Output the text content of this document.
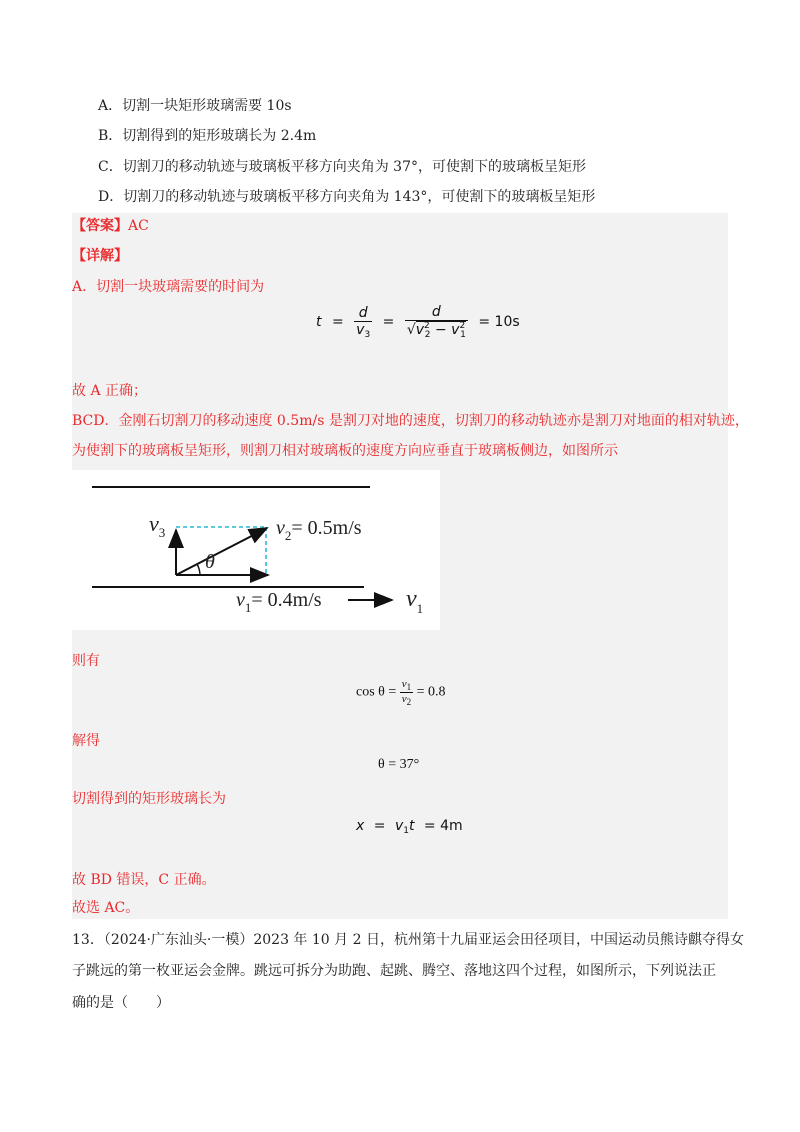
A．切割一块矩形玻璃需要 10s
B．切割得到的矩形玻璃长为 2.4m
C．切割刀的移动轨迹与玻璃板平移方向夹角为 37°，可使割下的玻璃板呈矩形
D．切割刀的移动轨迹与玻璃板平移方向夹角为 143°，可使割下的玻璃板呈矩形
【答案】AC
【详解】
A．切割一块玻璃需要的时间为
$t = \frac{d}{v_3} = \frac{d}{√v^2_2 - v^2_1} = 10s$
故 A 正确；
BCD．金刚石切割刀的移动速度 0.5m/s 是割刀对地的速度，切割刀的移动轨迹亦是割刀对地面的相对轨迹，
为使割下的玻璃板呈矩形，则割刀相对玻璃板的速度方向应垂直于玻璃板侧边，如图所示
$v_3$	$v_2= 0.5m/s$
θ
$v_1= 0.4m/s$	$v_1$
则有
$\cos \theta = \frac{v_1}{v_2} = 0.8$
解得
θ = 37°
切割得到的矩形玻璃长为
$x = v_1t = 4m$
故 BD 错误，C 正确。
故选 AC。
13．（2024·广东汕头·一模）2023 年 10 月 2 日，杭州第十九届亚运会田径项目，中国运动员熊诗麒夺得女
子跳远的第一枚亚运会金牌。跳远可拆分为助跑、起跳、腾空、落地这四个过程，如图所示，下列说法正
确的是（　　）
